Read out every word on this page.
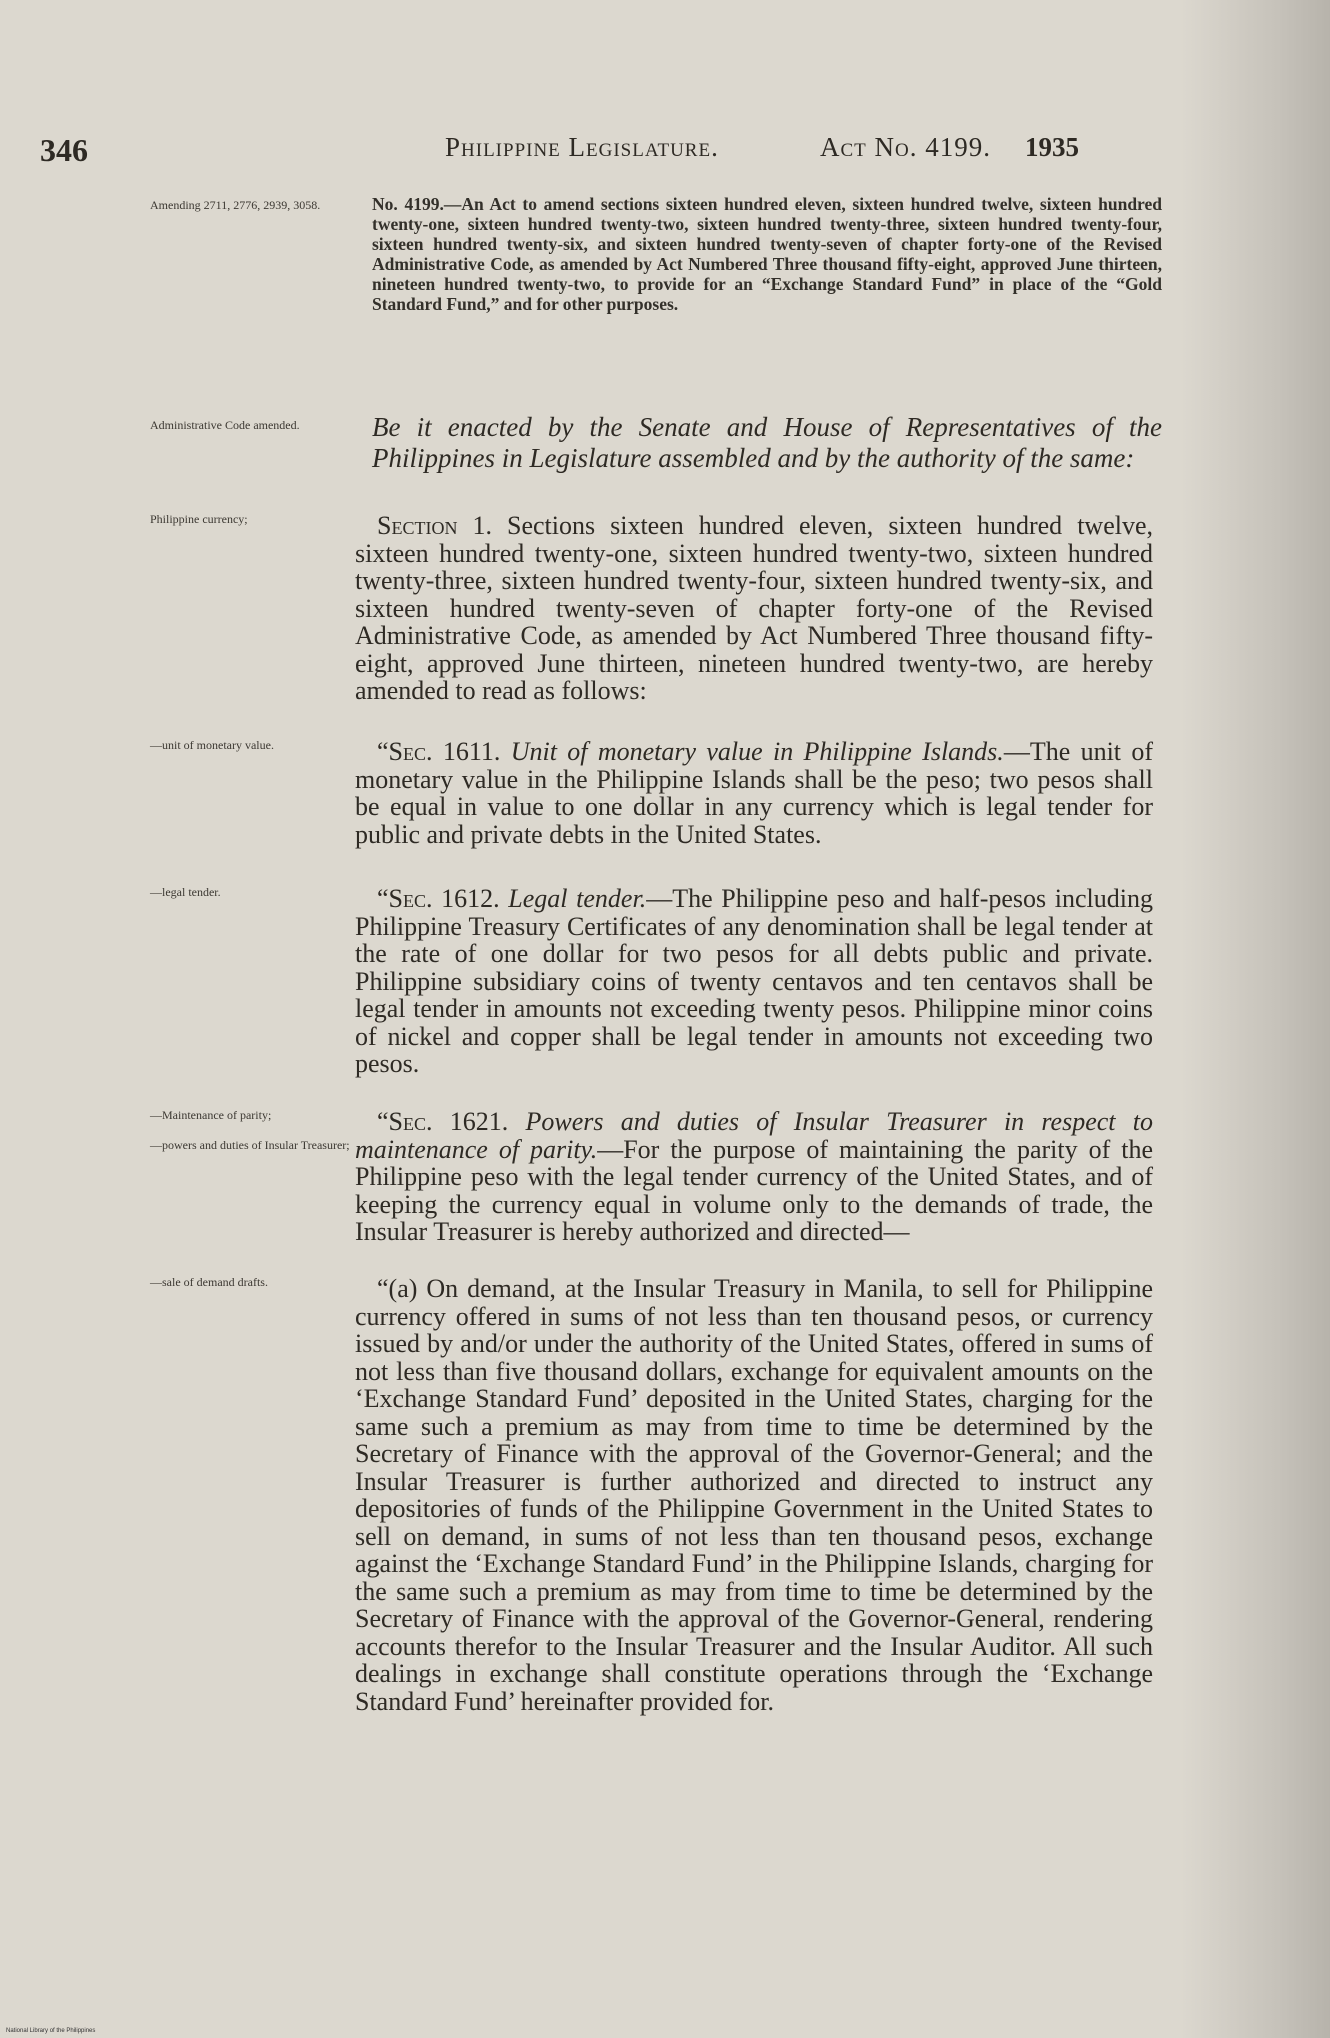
346	Philippine Legislature.	Act No. 4199. 1935
Amending 2711, 2776, 2939, 3058.
Administrative Code amended.
Philippine currency;
—unit of monetary value.
—legal tender.
—Maintenance of parity;
—powers and duties of Insular Treasurer;
—sale of demand drafts.
No. 4199.—An Act to amend sections sixteen hundred eleven, sixteen hundred twelve, sixteen hundred twenty-one, sixteen hundred twenty-two, sixteen hundred twenty-three, sixteen hundred twenty-four, sixteen hundred twenty-six, and sixteen hundred twenty-seven of chapter forty-one of the Revised Administrative Code, as amended by Act Numbered Three thousand fifty-eight, approved June thirteen, nineteen hundred twenty-two, to provide for an “Exchange Standard Fund” in place of the “Gold Standard Fund,” and for other purposes.
Be it enacted by the Senate and House of Representatives of the Philippines in Legislature assembled and by the authority of the same:

Section 1. Sections sixteen hundred eleven, sixteen hundred twelve, sixteen hundred twenty-one, sixteen hundred twenty-two, sixteen hundred twenty-three, sixteen hundred twenty-four, sixteen hundred twenty-six, and sixteen hundred twenty-seven of chapter forty-one of the Revised Administrative Code, as amended by Act Numbered Three thousand fifty-eight, approved June thirteen, nineteen hundred twenty-two, are hereby amended to read as follows:

“Sec. 1611. Unit of monetary value in Philippine Islands.—The unit of monetary value in the Philippine Islands shall be the peso; two pesos shall be equal in value to one dollar in any currency which is legal tender for public and private debts in the United States.

“Sec. 1612. Legal tender.—The Philippine peso and half-pesos including Philippine Treasury Certificates of any denomination shall be legal tender at the rate of one dollar for two pesos for all debts public and private. Philippine subsidiary coins of twenty centavos and ten centavos shall be legal tender in amounts not exceeding twenty pesos. Philippine minor coins of nickel and copper shall be legal tender in amounts not exceeding two pesos.

“Sec. 1621. Powers and duties of Insular Treasurer in respect to maintenance of parity.—For the purpose of maintaining the parity of the Philippine peso with the legal tender currency of the United States, and of keeping the currency equal in volume only to the demands of trade, the Insular Treasurer is hereby authorized and directed—

“(a) On demand, at the Insular Treasury in Manila, to sell for Philippine currency offered in sums of not less than ten thousand pesos, or currency issued by and/or under the authority of the United States, offered in sums of not less than five thousand dollars, exchange for equivalent amounts on the ‘Exchange Standard Fund’ deposited in the United States, charging for the same such a premium as may from time to time be determined by the Secretary of Finance with the approval of the Governor-General; and the Insular Treasurer is further authorized and directed to instruct any depositories of funds of the Philippine Government in the United States to sell on demand, in sums of not less than ten thousand pesos, exchange against the ‘Exchange Standard Fund’ in the Philippine Islands, charging for the same such a premium as may from time to time be determined by the Secretary of Finance with the approval of the Governor-General, rendering accounts therefor to the Insular Treasurer and the Insular Auditor. All such dealings in exchange shall constitute operations through the ‘Exchange Standard Fund’ hereinafter provided for.

National Library of the Philippines
